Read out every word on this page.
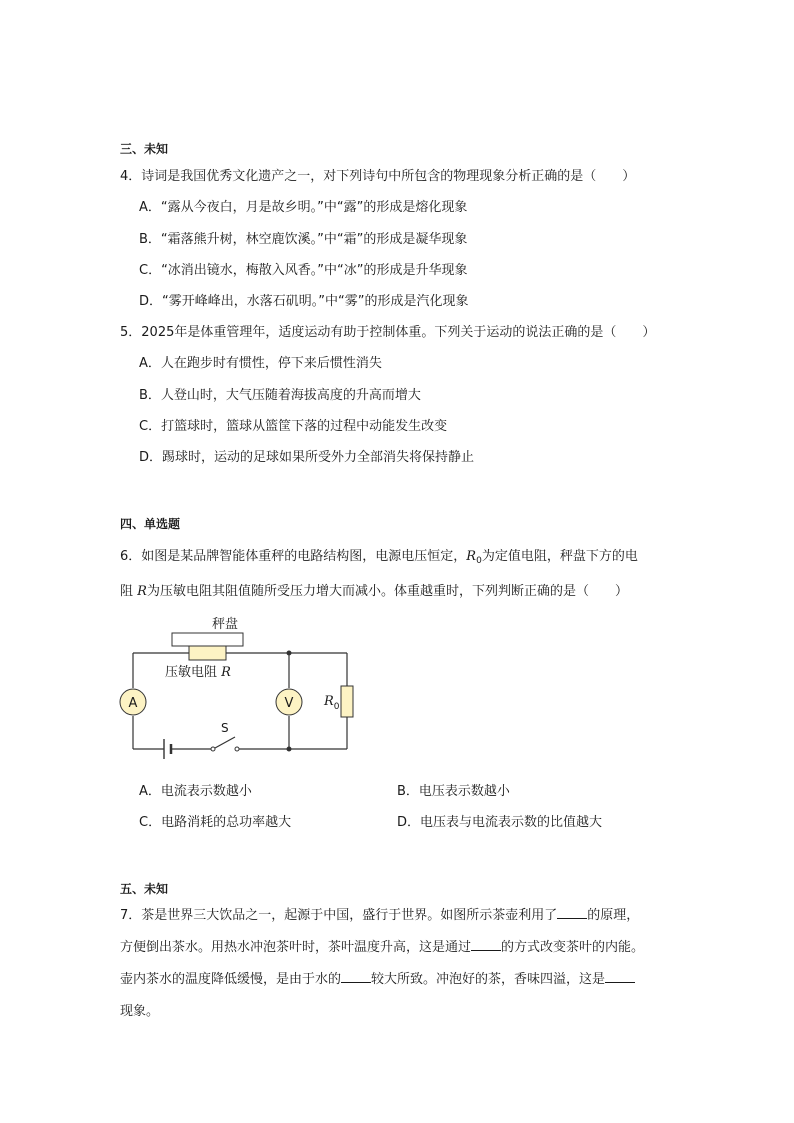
三、未知
4．诗词是我国优秀文化遗产之一，对下列诗句中所包含的物理现象分析正确的是（　　）
A．“露从今夜白，月是故乡明。”中“露”的形成是熔化现象
B．“霜落熊升树，林空鹿饮溪。”中“霜”的形成是凝华现象
C．“冰消出镜水，梅散入风香。”中“冰”的形成是升华现象
D．“雾开峰峰出，水落石矶明。”中“雾”的形成是汽化现象
5．2025年是体重管理年，适度运动有助于控制体重。下列关于运动的说法正确的是（　　）
A．人在跑步时有惯性，停下来后惯性消失
B．人登山时，大气压随着海拔高度的升高而增大
C．打篮球时，篮球从篮筐下落的过程中动能发生改变
D．踢球时，运动的足球如果所受外力全部消失将保持静止
四、单选题
6．如图是某品牌智能体重秤的电路结构图，电源电压恒定，$R_0$为定值电阻，秤盘下方的电
阻 R为压敏电阻其阻值随所受压力增大而减小。体重越重时，下列判断正确的是（　　）
秤盘
A
压敏电阻 R
V $R_0$
S
A．电流表示数越小	B．电压表示数越小
C．电路消耗的总功率越大	D．电压表与电流表示数的比值越大
五、未知
7．茶是世界三大饮品之一，起源于中国，盛行于世界。如图所示茶壶利用了 的原理，
方便倒出茶水。用热水冲泡茶叶时，茶叶温度升高，这是通过 的方式改变茶叶的内能。
壶内茶水的温度降低缓慢，是由于水的 较大所致。冲泡好的茶，香味四溢，这是
现象。
